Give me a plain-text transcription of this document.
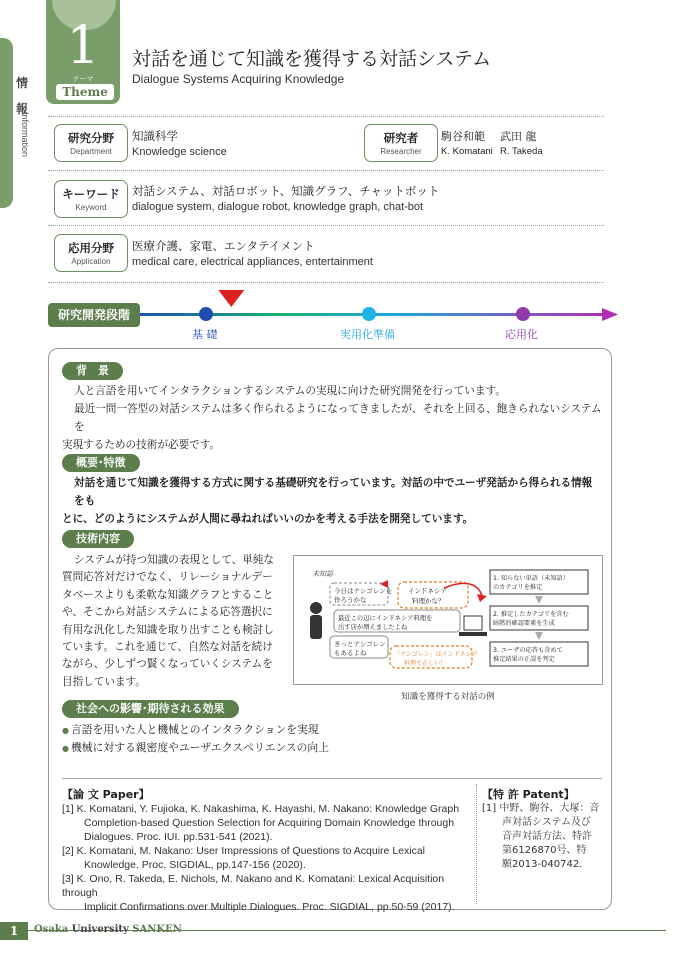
情
報
Information
1
テーマ
Theme
対話を通じて知識を獲得する対話システム
Dialogue Systems Acquiring Knowledge
研究分野
Department
知識科学
Knowledge science
研究者
Researcher
駒谷和範 武田 龍
K. Komatani R. Takeda
キーワード
Keyword
対話システム、対話ロボット、知識グラフ、チャットボット
dialogue system, dialogue robot, knowledge graph, chat-bot
応用分野
Application
医療介護、家電、エンタテイメント
medical care, electrical appliances, entertainment
研究開発段階
基 礎	実用化準備	応用化
背　景
人と言語を用いてインタラクションするシステムの実現に向けた研究開発を行っています。
最近一問一答型の対話システムは多く作られるようになってきましたが、それを上回る、飽きられないシステムを
実現するための技術が必要です。
概要･特徴
対話を通じて知識を獲得する方式に関する基礎研究を行っています。対話の中でユーザ発話から得られる情報をも
とに、どのようにシステムが人間に尋ねればいいのかを考える手法を開発しています。
技術内容
システムが持つ知識の表現として、単純な
質問応答対だけでなく、リレーショナルデー
タベースよりも柔軟な知識グラフとすること
や、そこから対話システムによる応答選択に
有用な汎化した知識を取り出すことも検討し
ています。これを通じて、自然な対話を続け
ながら、少しずつ賢くなっていくシステムを
目指しています。
未知語
今日はナシゴレンを
作ろうかな
最近この辺にインドネシア料理を
出す店が増えましたよね
きっとナシゴレン
もあるよね
インドネシア
料理かな？
「ナシゴレン」はインドネシア
料理で正しい！
1. 知らない単語（未知語）
のカテゴリを推定
2. 推定したカテゴリを含む
暗黙的確認要素を生成
3. ユーザの応答も含めて
推定結果の正誤を判定
知識を獲得する対話の例
社会への影響･期待される効果
● 言語を用いた人と機械とのインタラクションを実現
● 機械に対する親密度やユーザエクスペリエンスの向上
【論 文 Paper】
[1] K. Komatani, Y. Fujioka, K. Nakashima, K. Hayashi, M. Nakano: Knowledge Graph
Completion-based Question Selection for Acquiring Domain Knowledge through
Dialogues. Proc. IUI. pp.531-541 (2021).
[2] K. Komatani, M. Nakano: User Impressions of Questions to Acquire Lexical
Knowledge. Proc. SIGDIAL, pp.147-156 (2020).
[3] K. Ono, R. Takeda, E. Nichols, M. Nakano and K. Komatani: Lexical Acquisition through
Implicit Confirmations over Multiple Dialogues. Proc. SIGDIAL, pp.50-59 (2017).
【特 許 Patent】
[1] 中野、駒谷、大塚：音
声対話システム及び
音声対話方法、特許
第6126870号、特
願2013-040742.
1	Osaka University SANKEN
